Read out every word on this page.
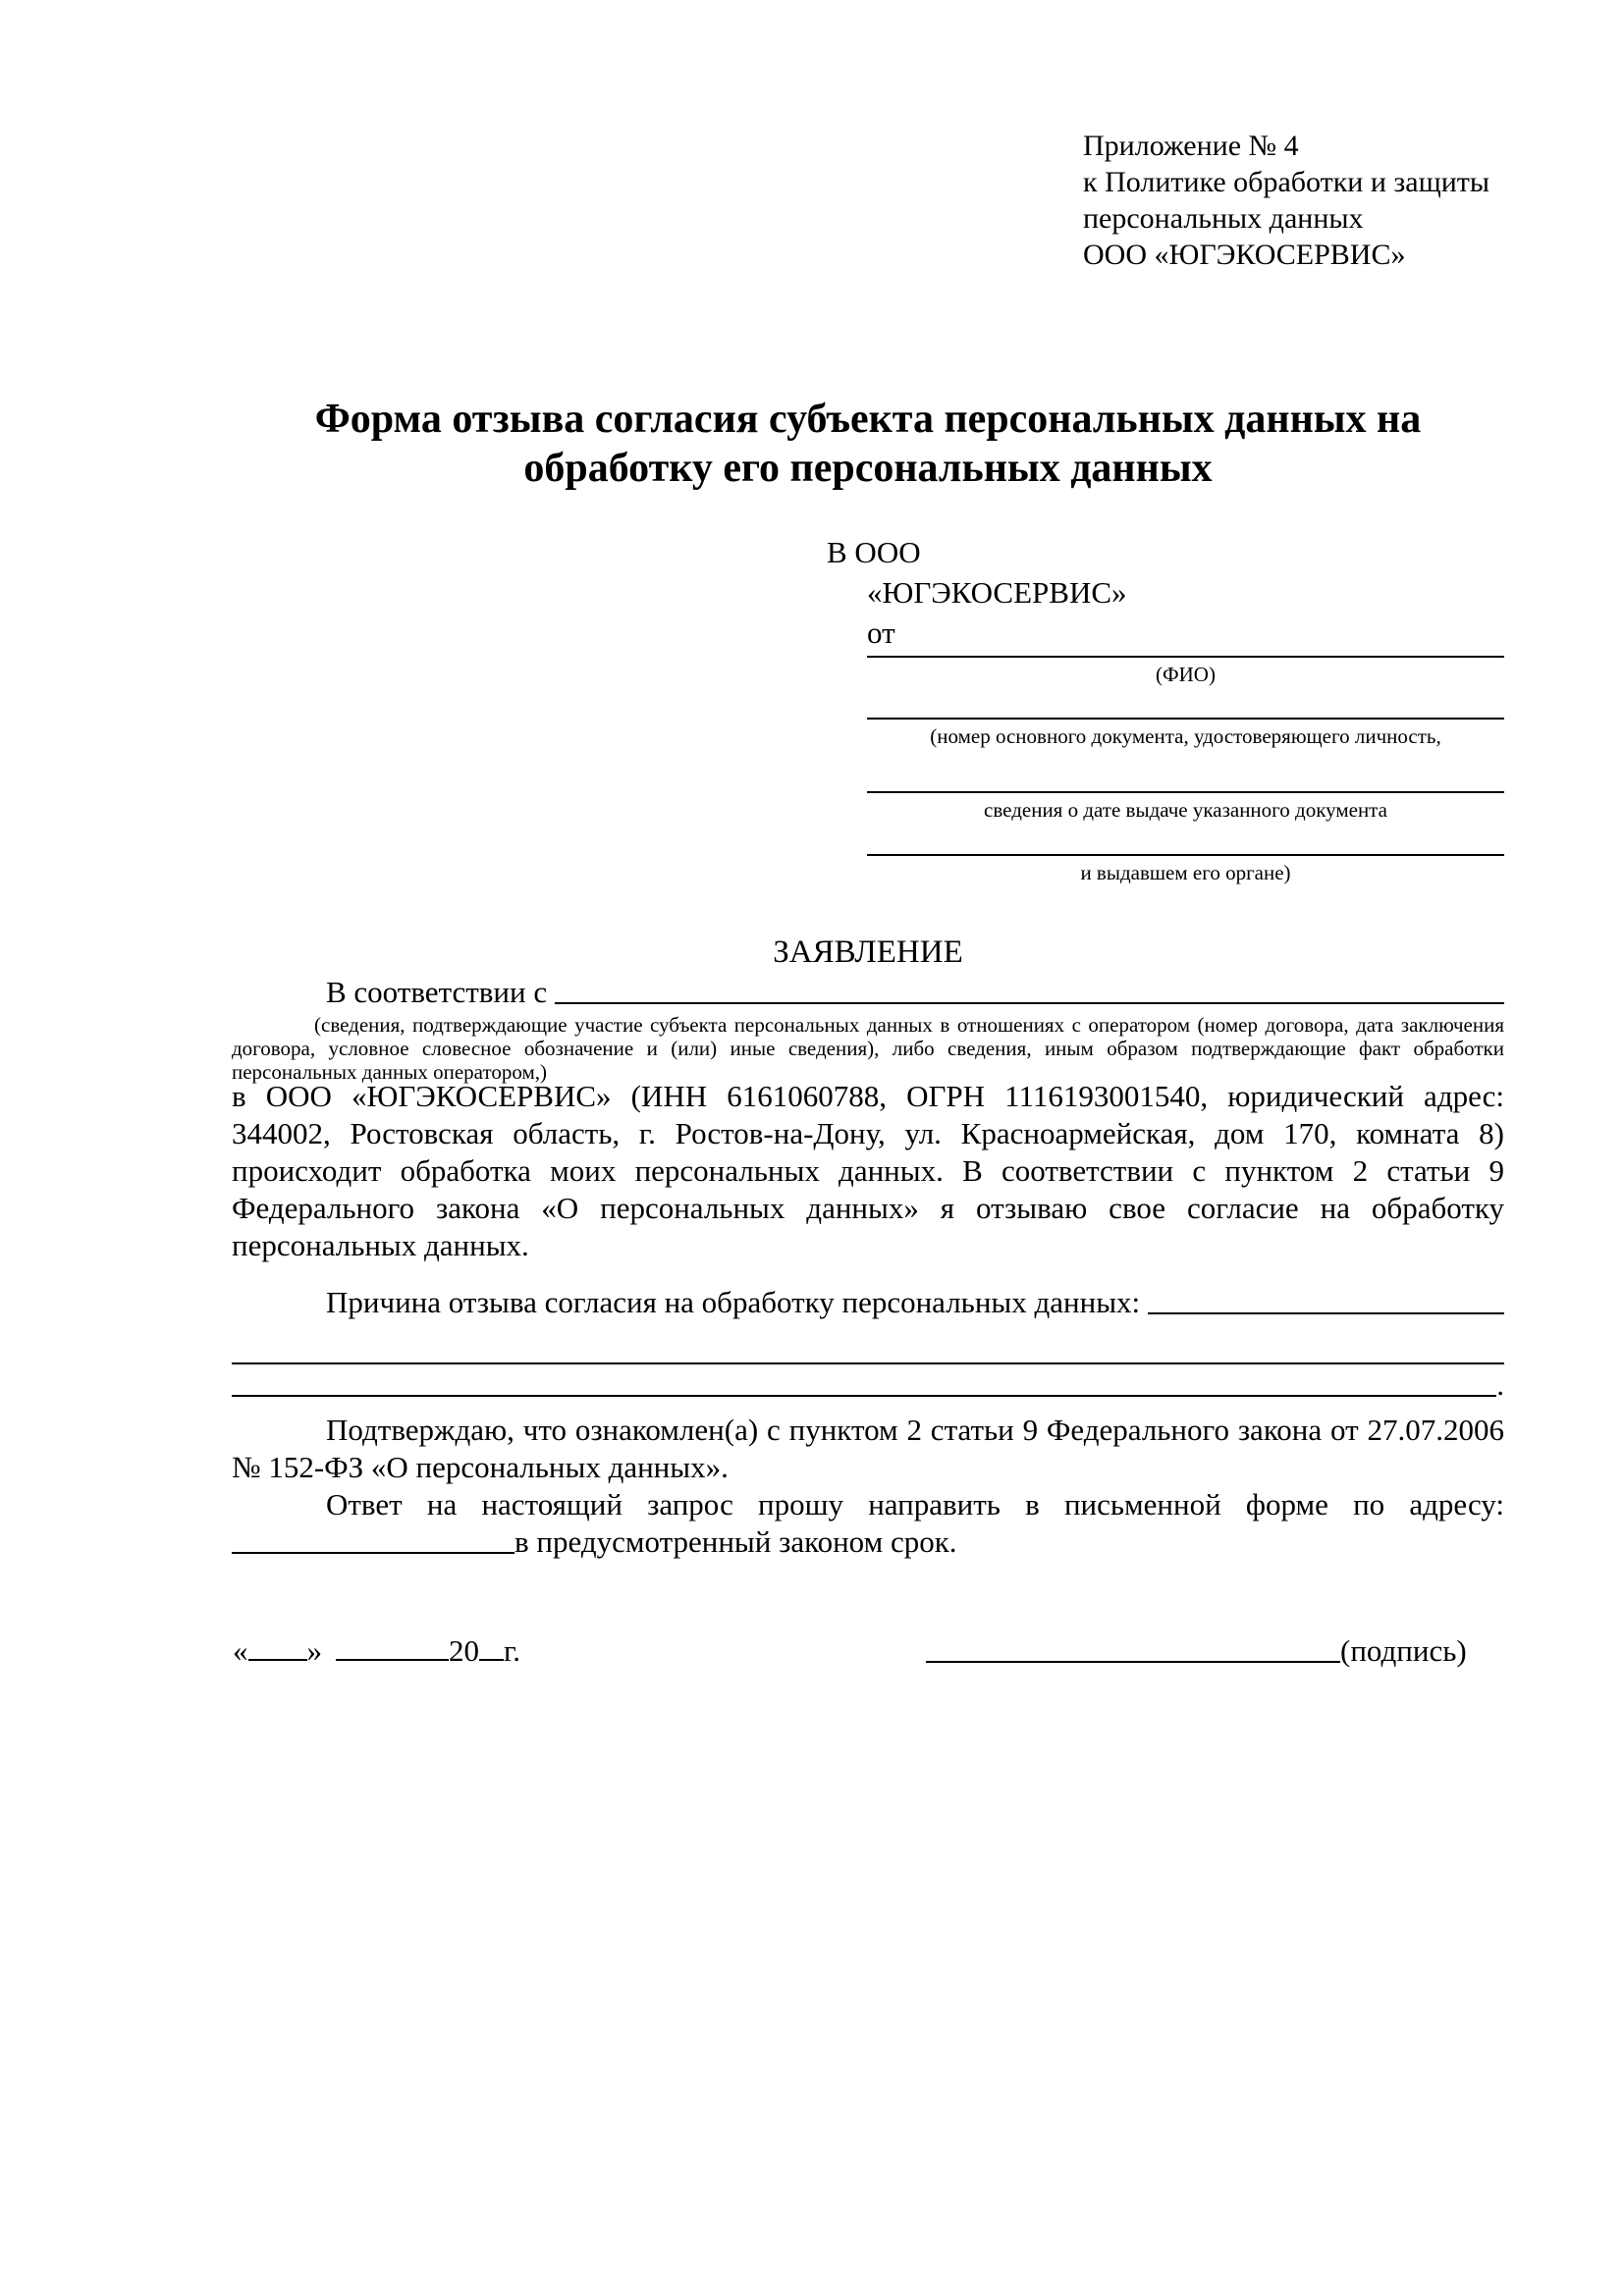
Приложение № 4
к Политике обработки и защиты
персональных данных
ООО «ЮГЭКОСЕРВИС»
Форма отзыва согласия субъекта персональных данных на обработку его персональных данных
В ООО
«ЮГЭКОСЕРВИС»
от
(ФИО)
(номер основного документа, удостоверяющего личность,
сведения о дате выдаче указанного документа
и выдавшем его органе)
ЗАЯВЛЕНИЕ
В соответствии с
(сведения, подтверждающие участие субъекта персональных данных в отношениях с оператором (номер договора, дата заключения договора, условное словесное обозначение и (или) иные сведения), либо сведения, иным образом подтверждающие факт обработки персональных данных оператором,)
в ООО «ЮГЭКОСЕРВИС» (ИНН 6161060788, ОГРН 1116193001540, юридический адрес: 344002, Ростовская область, г. Ростов-на-Дону, ул. Красноармейская, дом 170, комната 8) происходит обработка моих персональных данных. В соответствии с пунктом 2 статьи 9 Федерального закона «О персональных данных» я отзываю свое согласие на обработку персональных данных.
Причина отзыва согласия на обработку персональных данных:
.
Подтверждаю, что ознакомлен(а) с пунктом 2 статьи 9 Федерального закона от 27.07.2006 № 152-ФЗ «О персональных данных».
Ответ на настоящий запрос прошу направить в письменной форме по адресу:
в предусмотренный законом срок.
« »	20 г.	(подпись)
